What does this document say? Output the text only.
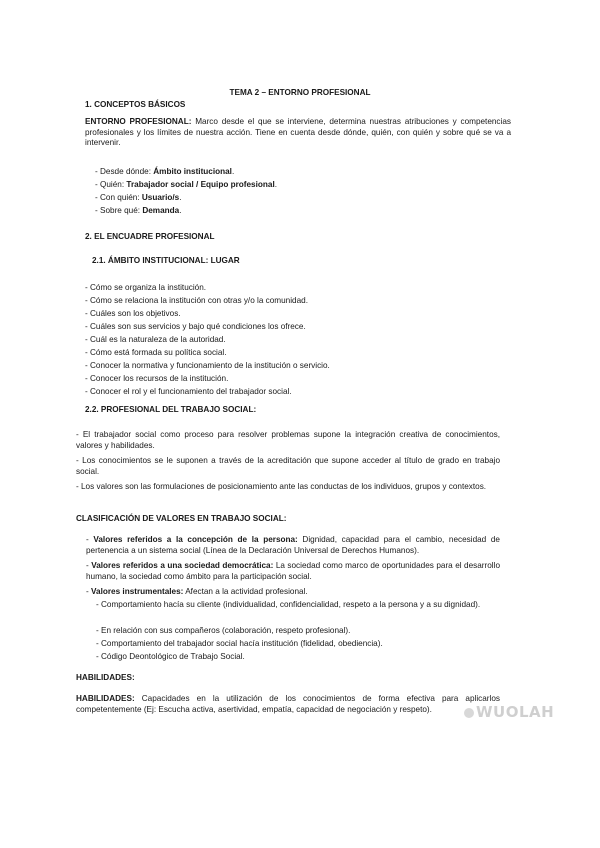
TEMA 2 – ENTORNO PROFESIONAL
1. CONCEPTOS BÁSICOS

ENTORNO PROFESIONAL: Marco desde el que se interviene, determina nuestras atribuciones y competencias profesionales y los límites de nuestra acción. Tiene en cuenta desde dónde, quién, con quién y sobre qué se va a intervenir.

- Desde dónde: Ámbito institucional.
- Quién: Trabajador social / Equipo profesional.
- Con quién: Usuario/s.
- Sobre qué: Demanda.
2. EL ENCUADRE PROFESIONAL
2.1. ÁMBITO INSTITUCIONAL: LUGAR
- Cómo se organiza la institución.
- Cómo se relaciona la institución con otras y/o la comunidad.
- Cuáles son los objetivos.
- Cuáles son sus servicios y bajo qué condiciones los ofrece.
- Cuál es la naturaleza de la autoridad.
- Cómo está formada su política social.
- Conocer la normativa y funcionamiento de la institución o servicio.
- Conocer los recursos de la institución.
- Conocer el rol y el funcionamiento del trabajador social.
2.2. PROFESIONAL DEL TRABAJO SOCIAL:

- El trabajador social como proceso para resolver problemas supone la integración creativa de conocimientos, valores y habilidades.

- Los conocimientos se le suponen a través de la acreditación que supone acceder al título de grado en trabajo social.

- Los valores son las formulaciones de posicionamiento ante las conductas de los individuos, grupos y contextos.

CLASIFICACIÓN DE VALORES EN TRABAJO SOCIAL:

- Valores referidos a la concepción de la persona: Dignidad, capacidad para el cambio, necesidad de pertenencia a un sistema social (Línea de la Declaración Universal de Derechos Humanos).

- Valores referidos a una sociedad democrática: La sociedad como marco de oportunidades para el desarrollo humano, la sociedad como ámbito para la participación social.

- Valores instrumentales: Afectan a la actividad profesional.

- Comportamiento hacía su cliente (individualidad, confidencialidad, respeto a la persona y a su dignidad).

- En relación con sus compañeros (colaboración, respeto profesional).
- Comportamiento del trabajador social hacía institución (fidelidad, obediencia).
- Código Deontológico de Trabajo Social.
HABILIDADES:

HABILIDADES: Capacidades en la utilización de los conocimientos de forma efectiva para aplicarlos competentemente (Ej: Escucha activa, asertividad, empatía, capacidad de negociación y respeto).	WUOLAH
